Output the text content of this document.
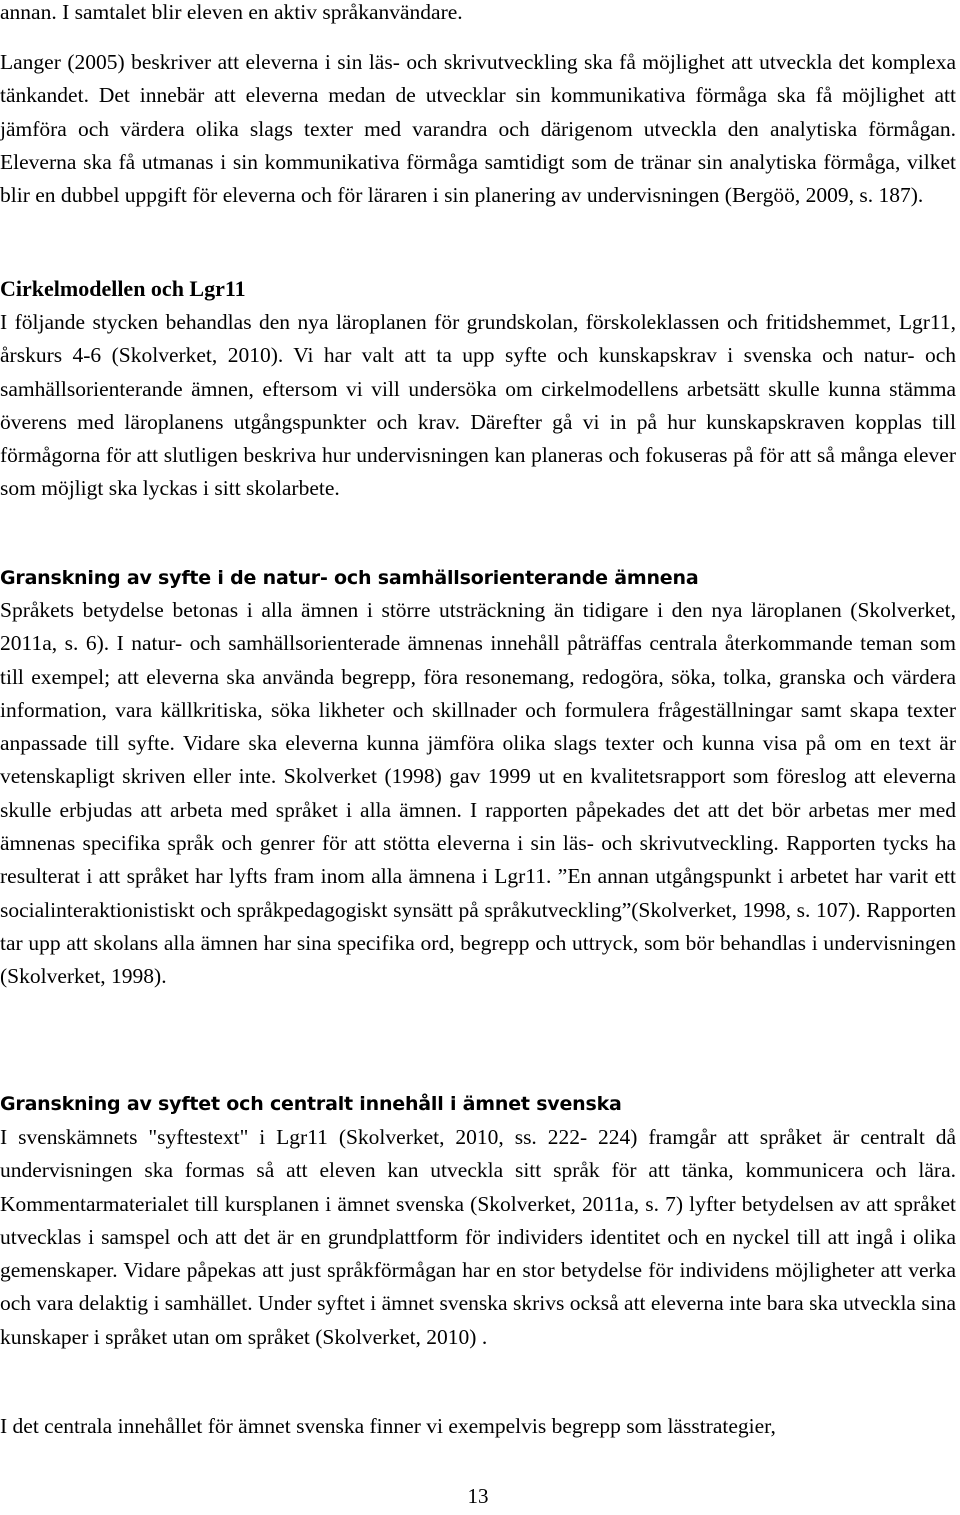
annan. I samtalet blir eleven en aktiv språkanvändare.

Langer (2005) beskriver att eleverna i sin läs- och skrivutveckling ska få möjlighet att utveckla det komplexa tänkandet. Det innebär att eleverna medan de utvecklar sin kommunikativa förmåga ska få möjlighet att jämföra och värdera olika slags texter med varandra och därigenom utveckla den analytiska förmågan. Eleverna ska få utmanas i sin kommunikativa förmåga samtidigt som de tränar sin analytiska förmåga, vilket blir en dubbel uppgift för eleverna och för läraren i sin planering av undervisningen (Bergöö, 2009, s. 187).

Cirkelmodellen och Lgr11

I följande stycken behandlas den nya läroplanen för grundskolan, förskoleklassen och fritidshemmet, Lgr11, årskurs 4-6 (Skolverket, 2010). Vi har valt att ta upp syfte och kunskapskrav i svenska och natur- och samhällsorienterande ämnen, eftersom vi vill undersöka om cirkelmodellens arbetsätt skulle kunna stämma överens med läroplanens utgångspunkter och krav. Därefter gå vi in på hur kunskapskraven kopplas till förmågorna för att slutligen beskriva hur undervisningen kan planeras och fokuseras på för att så många elever som möjligt ska lyckas i sitt skolarbete.

Granskning av syfte i de natur- och samhällsorienterande ämnena

Språkets betydelse betonas i alla ämnen i större utsträckning än tidigare i den nya läroplanen (Skolverket, 2011a, s. 6). I natur- och samhällsorienterade ämnenas innehåll påträffas centrala återkommande teman som till exempel; att eleverna ska använda begrepp, föra resonemang, redogöra, söka, tolka, granska och värdera information, vara källkritiska, söka likheter och skillnader och formulera frågeställningar samt skapa texter anpassade till syfte. Vidare ska eleverna kunna jämföra olika slags texter och kunna visa på om en text är vetenskapligt skriven eller inte. Skolverket (1998) gav 1999 ut en kvalitetsrapport som föreslog att eleverna skulle erbjudas att arbeta med språket i alla ämnen. I rapporten påpekades det att det bör arbetas mer med ämnenas specifika språk och genrer för att stötta eleverna i sin läs- och skrivutveckling. Rapporten tycks ha resulterat i att språket har lyfts fram inom alla ämnena i Lgr11. ”En annan utgångspunkt i arbetet har varit ett socialinteraktionistiskt och språkpedagogiskt synsätt på språkutveckling”(Skolverket, 1998, s. 107). Rapporten tar upp att skolans alla ämnen har sina specifika ord, begrepp och uttryck, som bör behandlas i undervisningen (Skolverket, 1998).

Granskning av syftet och centralt innehåll i ämnet svenska

I svenskämnets "syftestext" i Lgr11 (Skolverket, 2010, ss. 222- 224) framgår att språket är centralt då undervisningen ska formas så att eleven kan utveckla sitt språk för att tänka, kommunicera och lära. Kommentarmaterialet till kursplanen i ämnet svenska (Skolverket, 2011a, s. 7) lyfter betydelsen av att språket utvecklas i samspel och att det är en grundplattform för individers identitet och en nyckel till att ingå i olika gemenskaper. Vidare påpekas att just språkförmågan har en stor betydelse för individens möjligheter att verka och vara delaktig i samhället. Under syftet i ämnet svenska skrivs också att eleverna inte bara ska utveckla sina kunskaper i språket utan om språket (Skolverket, 2010) .

I det centrala innehållet för ämnet svenska finner vi exempelvis begrepp som lässtrategier,

13
